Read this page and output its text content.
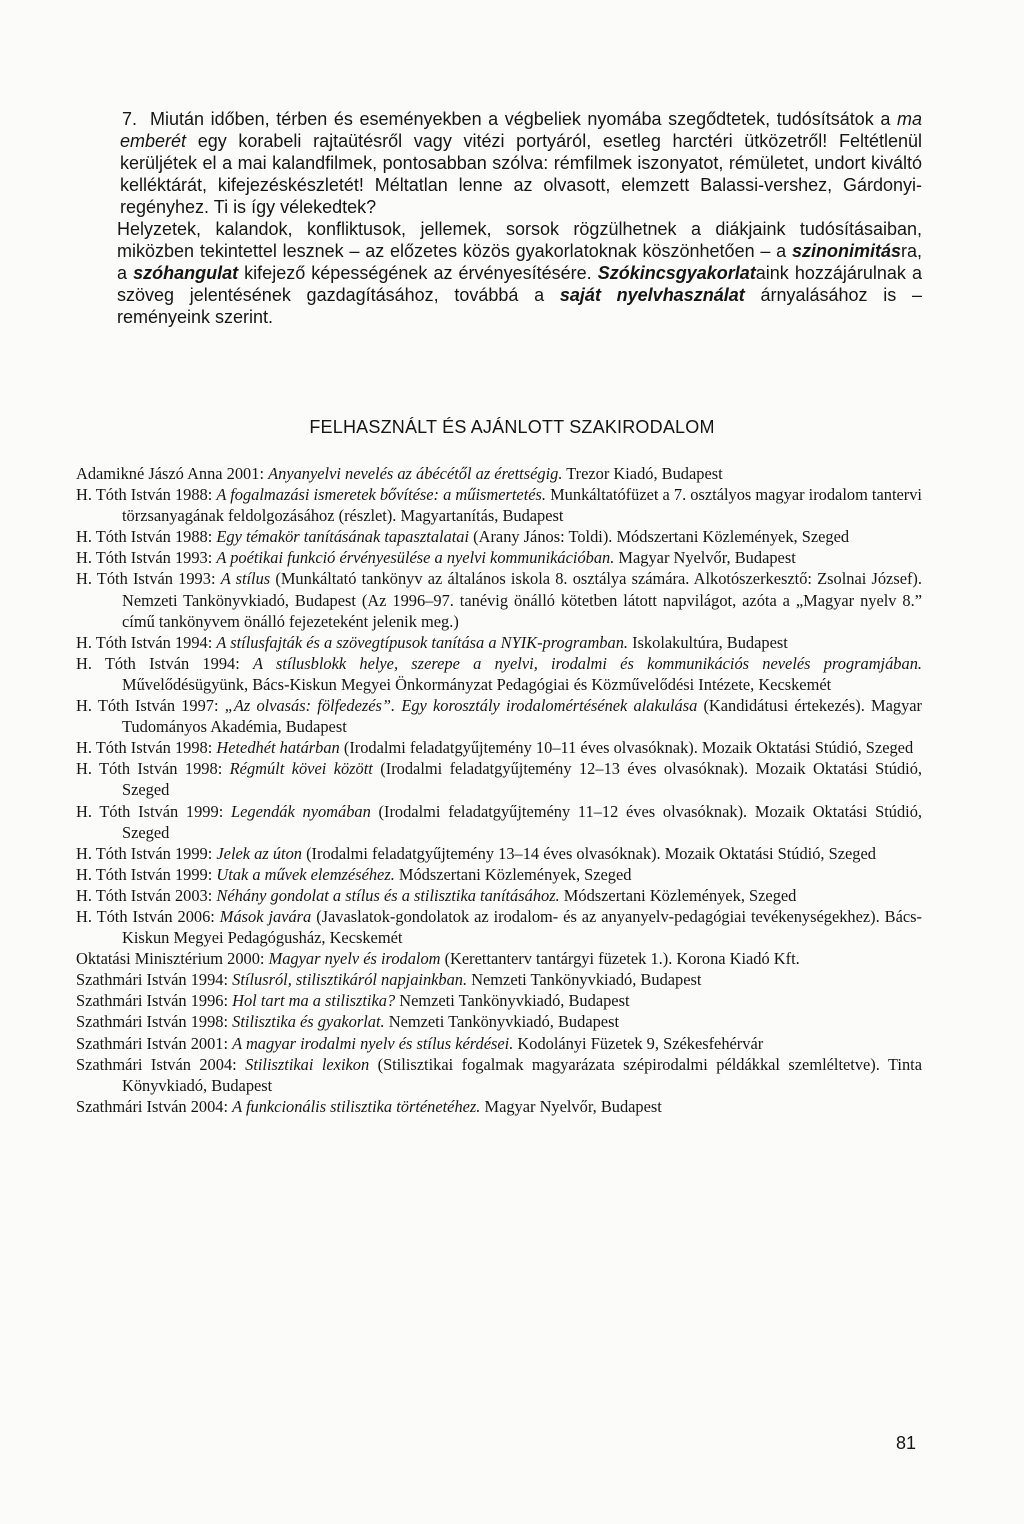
7. Miután időben, térben és eseményekben a végbeliek nyomába szegődtetek, tudósítsátok a ma emberét egy korabeli rajtaütésről vagy vitézi portyáról, esetleg harctéri ütközetről! Feltétlenül kerüljétek el a mai kalandfilmek, pontosabban szólva: rémfilmek iszonyatot, rémületet, undort kiváltó kelléktárát, kifejezéskészletét! Méltatlan lenne az olvasott, elemzett Balassi-vershez, Gárdonyi-regényhez. Ti is így vélekedtek?

Helyzetek, kalandok, konfliktusok, jellemek, sorsok rögzülhetnek a diákjaink tudósításaiban, miközben tekintettel lesznek – az előzetes közös gyakorlatoknak köszönhetően – a szinonimitásra, a szóhangulat kifejező képességének az érvényesítésére. Szókincsgyakorlataink hozzájárulnak a szöveg jelentésének gazdagításához, továbbá a saját nyelvhasználat árnyalásához is – reményeink szerint.

FELHASZNÁLT ÉS AJÁNLOTT SZAKIRODALOM

Adamikné Jászó Anna 2001: Anyanyelvi nevelés az ábécétől az érettségig. Trezor Kiadó, Budapest

H. Tóth István 1988: A fogalmazási ismeretek bővítése: a műismertetés. Munkáltatófüzet a 7. osztályos magyar irodalom tantervi törzsanyagának feldolgozásához (részlet). Magyartanítás, Budapest

H. Tóth István 1988: Egy témakör tanításának tapasztalatai (Arany János: Toldi). Módszertani Közlemények, Szeged

H. Tóth István 1993: A poétikai funkció érvényesülése a nyelvi kommunikációban. Magyar Nyelvőr, Budapest

H. Tóth István 1993: A stílus (Munkáltató tankönyv az általános iskola 8. osztálya számára. Alkotószerkesztő: Zsolnai József). Nemzeti Tankönyvkiadó, Budapest (Az 1996–97. tanévig önálló kötetben látott napvilágot, azóta a „Magyar nyelv 8.” című tankönyvem önálló fejezeteként jelenik meg.)

H. Tóth István 1994: A stílusfajták és a szövegtípusok tanítása a NYIK-programban. Iskolakultúra, Budapest

H. Tóth István 1994: A stílusblokk helye, szerepe a nyelvi, irodalmi és kommunikációs nevelés programjában. Művelődésügyünk, Bács-Kiskun Megyei Önkormányzat Pedagógiai és Közművelődési Intézete, Kecskemét

H. Tóth István 1997: „Az olvasás: fölfedezés”. Egy korosztály irodalomértésének alakulása (Kandidátusi értekezés). Magyar Tudományos Akadémia, Budapest

H. Tóth István 1998: Hetedhét határban (Irodalmi feladatgyűjtemény 10–11 éves olvasóknak). Mozaik Oktatási Stúdió, Szeged

H. Tóth István 1998: Régmúlt kövei között (Irodalmi feladatgyűjtemény 12–13 éves olvasóknak). Mozaik Oktatási Stúdió, Szeged

H. Tóth István 1999: Legendák nyomában (Irodalmi feladatgyűjtemény 11–12 éves olvasóknak). Mozaik Oktatási Stúdió, Szeged

H. Tóth István 1999: Jelek az úton (Irodalmi feladatgyűjtemény 13–14 éves olvasóknak). Mozaik Oktatási Stúdió, Szeged

H. Tóth István 1999: Utak a művek elemzéséhez. Módszertani Közlemények, Szeged

H. Tóth István 2003: Néhány gondolat a stílus és a stilisztika tanításához. Módszertani Közlemények, Szeged

H. Tóth István 2006: Mások javára (Javaslatok-gondolatok az irodalom- és az anyanyelv-pedagógiai tevékenységekhez). Bács-Kiskun Megyei Pedagógusház, Kecskemét

Oktatási Minisztérium 2000: Magyar nyelv és irodalom (Kerettanterv tantárgyi füzetek 1.). Korona Kiadó Kft.

Szathmári István 1994: Stílusról, stilisztikáról napjainkban. Nemzeti Tankönyvkiadó, Budapest

Szathmári István 1996: Hol tart ma a stilisztika? Nemzeti Tankönyvkiadó, Budapest

Szathmári István 1998: Stilisztika és gyakorlat. Nemzeti Tankönyvkiadó, Budapest

Szathmári István 2001: A magyar irodalmi nyelv és stílus kérdései. Kodolányi Füzetek 9, Székesfehérvár

Szathmári István 2004: Stilisztikai lexikon (Stilisztikai fogalmak magyarázata szépirodalmi példákkal szemléltetve). Tinta Könyvkiadó, Budapest

Szathmári István 2004: A funkcionális stilisztika történetéhez. Magyar Nyelvőr, Budapest

81
